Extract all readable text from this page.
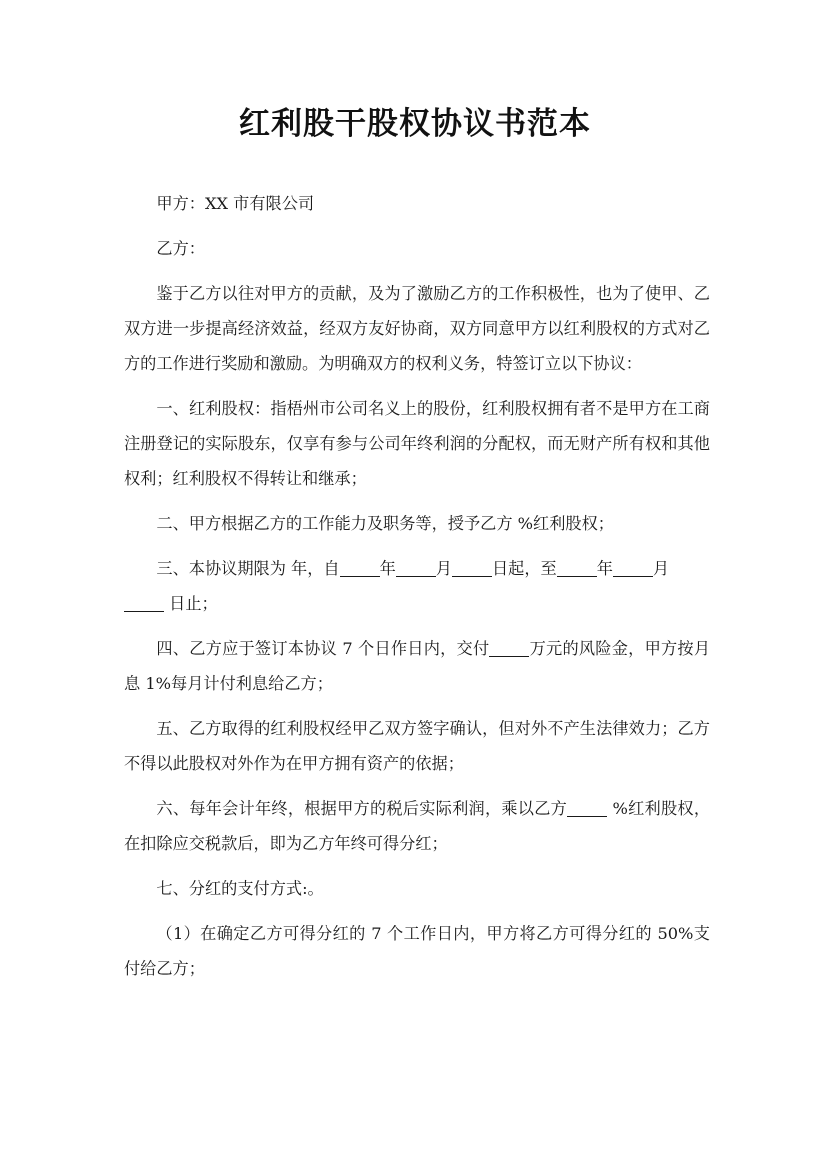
红利股干股权协议书范本

甲方：XX 市有限公司

乙方：

鉴于乙方以往对甲方的贡献，及为了激励乙方的工作积极性，也为了使甲、乙双方进一步提高经济效益，经双方友好协商，双方同意甲方以红利股权的方式对乙方的工作进行奖励和激励。为明确双方的权利义务，特签订立以下协议：

一、红利股权：指梧州市公司名义上的股份，红利股权拥有者不是甲方在工商注册登记的实际股东，仅享有参与公司年终利润的分配权，而无财产所有权和其他权利；红利股权不得转让和继承；

二、甲方根据乙方的工作能力及职务等，授予乙方 %红利股权；

三、本协议期限为 年，自 年 月 日起，至 年 月
日止；

四、乙方应于签订本协议 7 个日作日内，交付 万元的风险金，甲方按月息 1%每月计付利息给乙方；

五、乙方取得的红利股权经甲乙双方签字确认，但对外不产生法律效力；乙方不得以此股权对外作为在甲方拥有资产的依据；

六、每年会计年终，根据甲方的税后实际利润，乘以乙方 %红利股权，在扣除应交税款后，即为乙方年终可得分红；

七、分红的支付方式:。

（1）在确定乙方可得分红的 7 个工作日内，甲方将乙方可得分红的 50%支付给乙方；
